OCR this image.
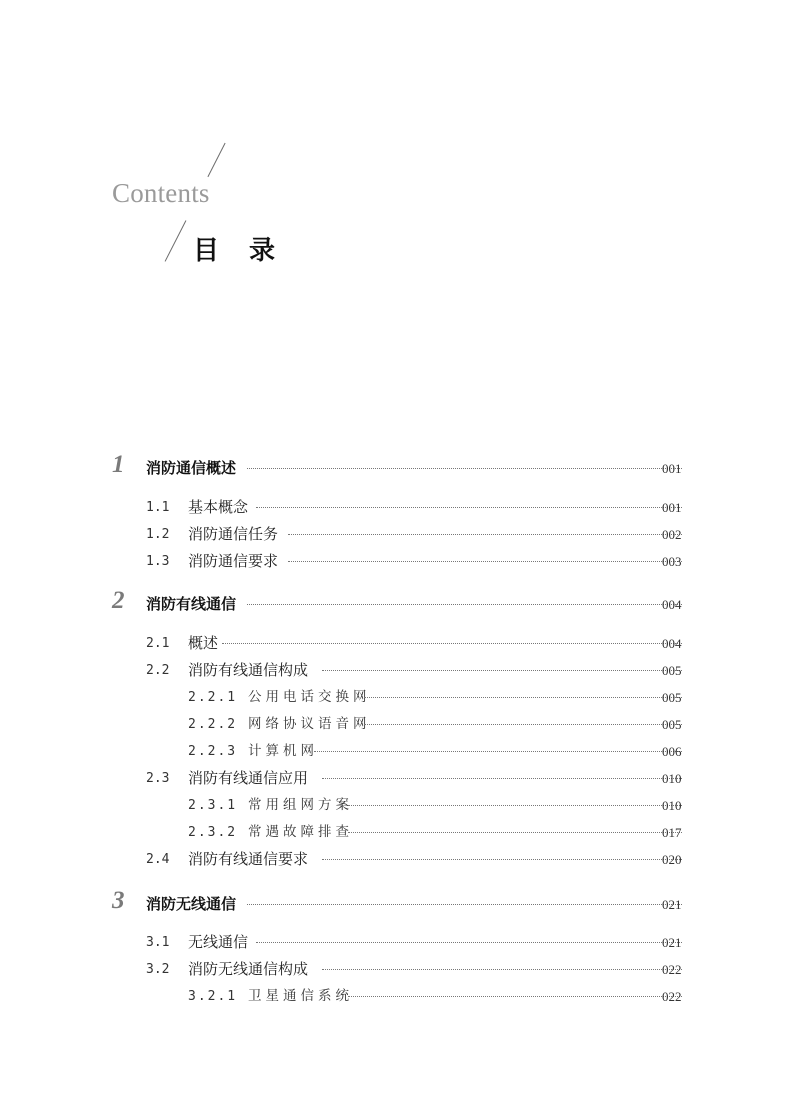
Contents
目录
1 消防通信概述	001
1.1 基本概念	001
1.2 消防通信任务	002
1.3 消防通信要求	003
2 消防有线通信	004
2.1 概述	004
2.2 消防有线通信构成	005
2.2.1 公用电话交换网	005
2.2.2 网络协议语音网	005
2.2.3 计算机网	006
2.3 消防有线通信应用	010
2.3.1 常用组网方案	010
2.3.2 常遇故障排查	017
2.4 消防有线通信要求	020
3 消防无线通信	021
3.1 无线通信	021
3.2 消防无线通信构成	022
3.2.1 卫星通信系统	022
